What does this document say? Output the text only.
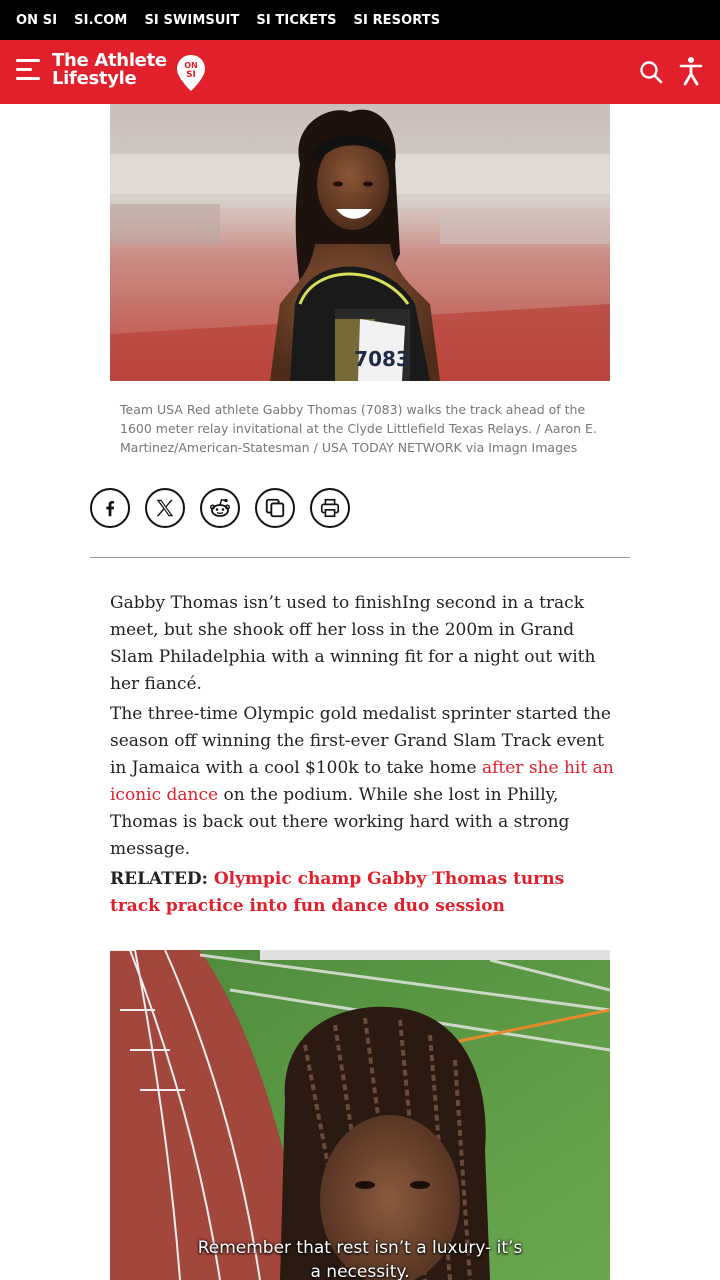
ON SI SI.COM SI SWIMSUIT SI TICKETS SI RESORTS
The Athlete
Lifestyle
ON
SI
7083

Team USA Red athlete Gabby Thomas (7083) walks the track ahead of the 1600 meter relay invitational at the Clyde Littlefield Texas Relays. / Aaron E. Martinez/American-Statesman / USA TODAY NETWORK via Imagn Images

Gabby Thomas isn’t used to finishIng second in a track meet, but she shook off her loss in the 200m in Grand Slam Philadelphia with a winning fit for a night out with her fiancé.

The three-time Olympic gold medalist sprinter started the season off winning the first-ever Grand Slam Track event in Jamaica with a cool $100k to take home after she hit an iconic dance on the podium. While she lost in Philly, Thomas is back out there working hard with a strong message.

RELATED: Olympic champ Gabby Thomas turns track practice into fun dance duo session
Remember that rest isn’t a luxury- it’s
a necessity.
